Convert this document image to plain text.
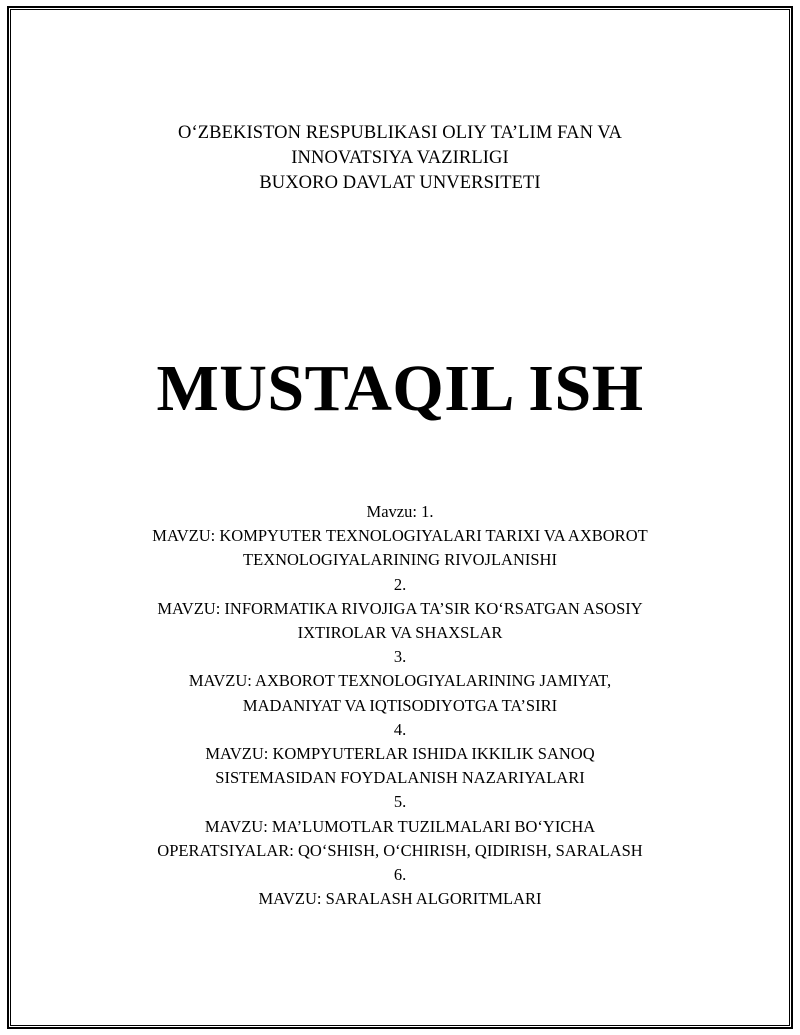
O‘ZBEKISTON RESPUBLIKASI OLIY TA’LIM FAN VA
INNOVATSIYA VAZIRLIGI
BUXORO DAVLAT UNVERSITETI
MUSTAQIL ISH
Mavzu: 1.
MAVZU: KOMPYUTER TEXNOLOGIYALARI TARIXI VA AXBOROT
TEXNOLOGIYALARINING RIVOJLANISHI
2.
MAVZU: INFORMATIKA RIVOJIGA TA’SIR KO‘RSATGAN ASOSIY
IXTIROLAR VA SHAXSLAR
3.
MAVZU: AXBOROT TEXNOLOGIYALARINING JAMIYAT,
MADANIYAT VA IQTISODIYOTGA TA’SIRI
4.
MAVZU: KOMPYUTERLAR ISHIDA IKKILIK SANOQ
SISTEMASIDAN FOYDALANISH NAZARIYALARI
5.
MAVZU: MA’LUMOTLAR TUZILMALARI BO‘YICHA
OPERATSIYALAR: QO‘SHISH, O‘CHIRISH, QIDIRISH, SARALASH
6.
MAVZU: SARALASH ALGORITMLARI
